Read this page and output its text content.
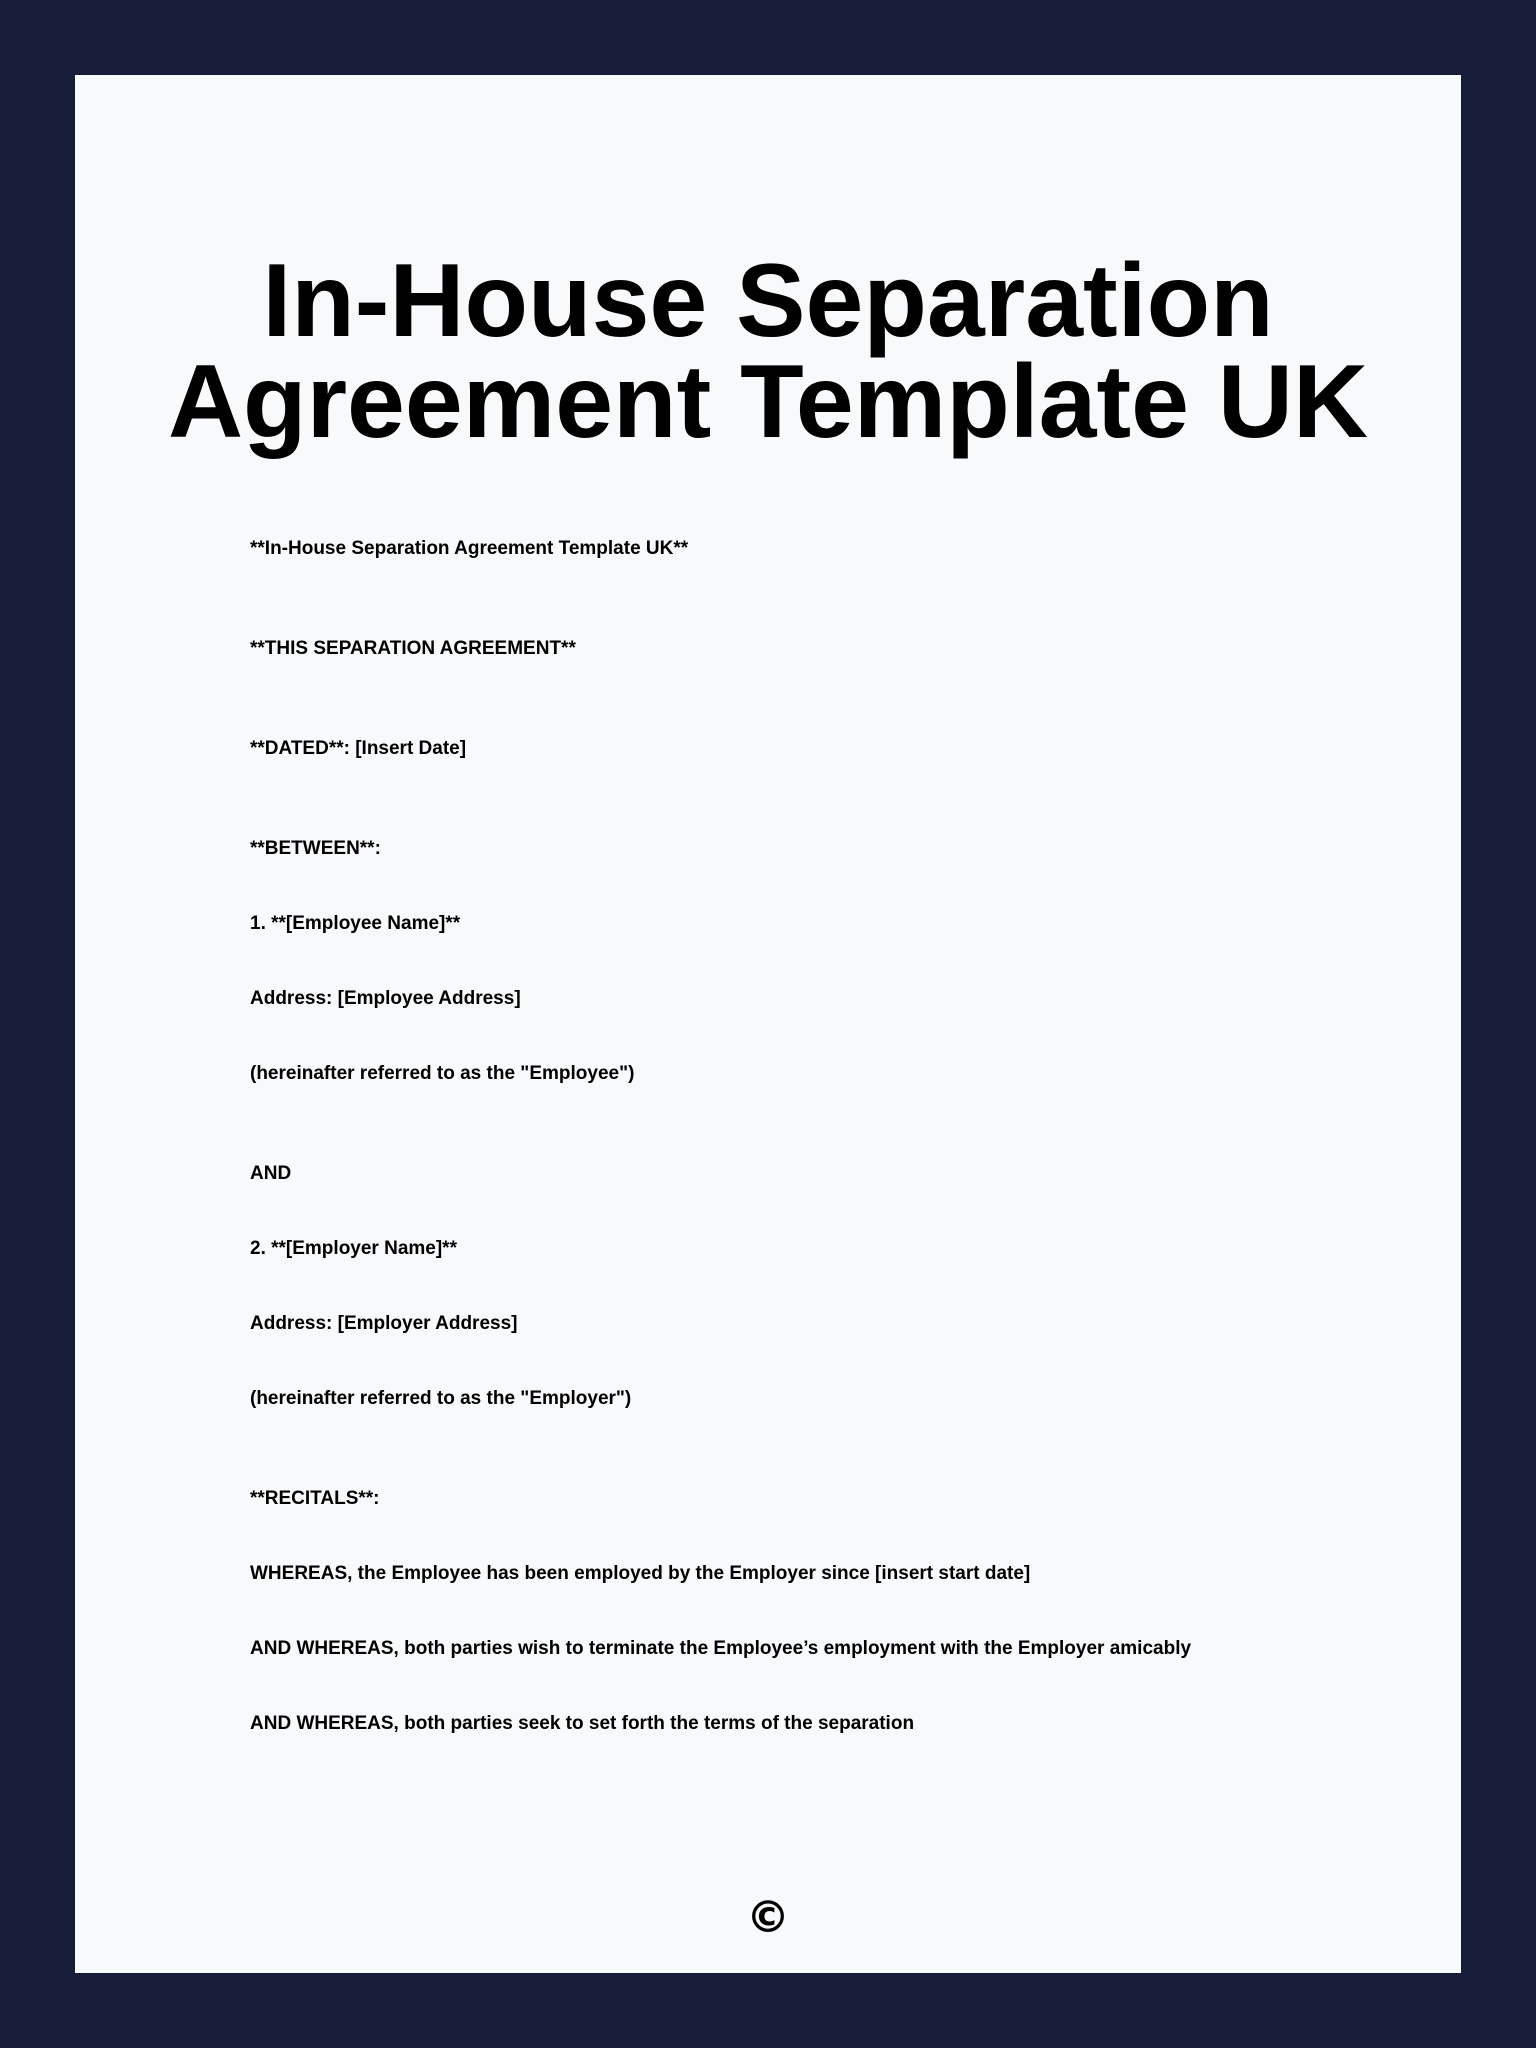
In-House Separation
Agreement Template UK
**In-House Separation Agreement Template UK**
**THIS SEPARATION AGREEMENT**
**DATED**: [Insert Date]
**BETWEEN**:
1. **[Employee Name]**
Address: [Employee Address]
(hereinafter referred to as the "Employee")
AND
2. **[Employer Name]**
Address: [Employer Address]
(hereinafter referred to as the "Employer")
**RECITALS**:
WHEREAS, the Employee has been employed by the Employer since [insert start date]
AND WHEREAS, both parties wish to terminate the Employee’s employment with the Employer amicably
AND WHEREAS, both parties seek to set forth the terms of the separation
©
